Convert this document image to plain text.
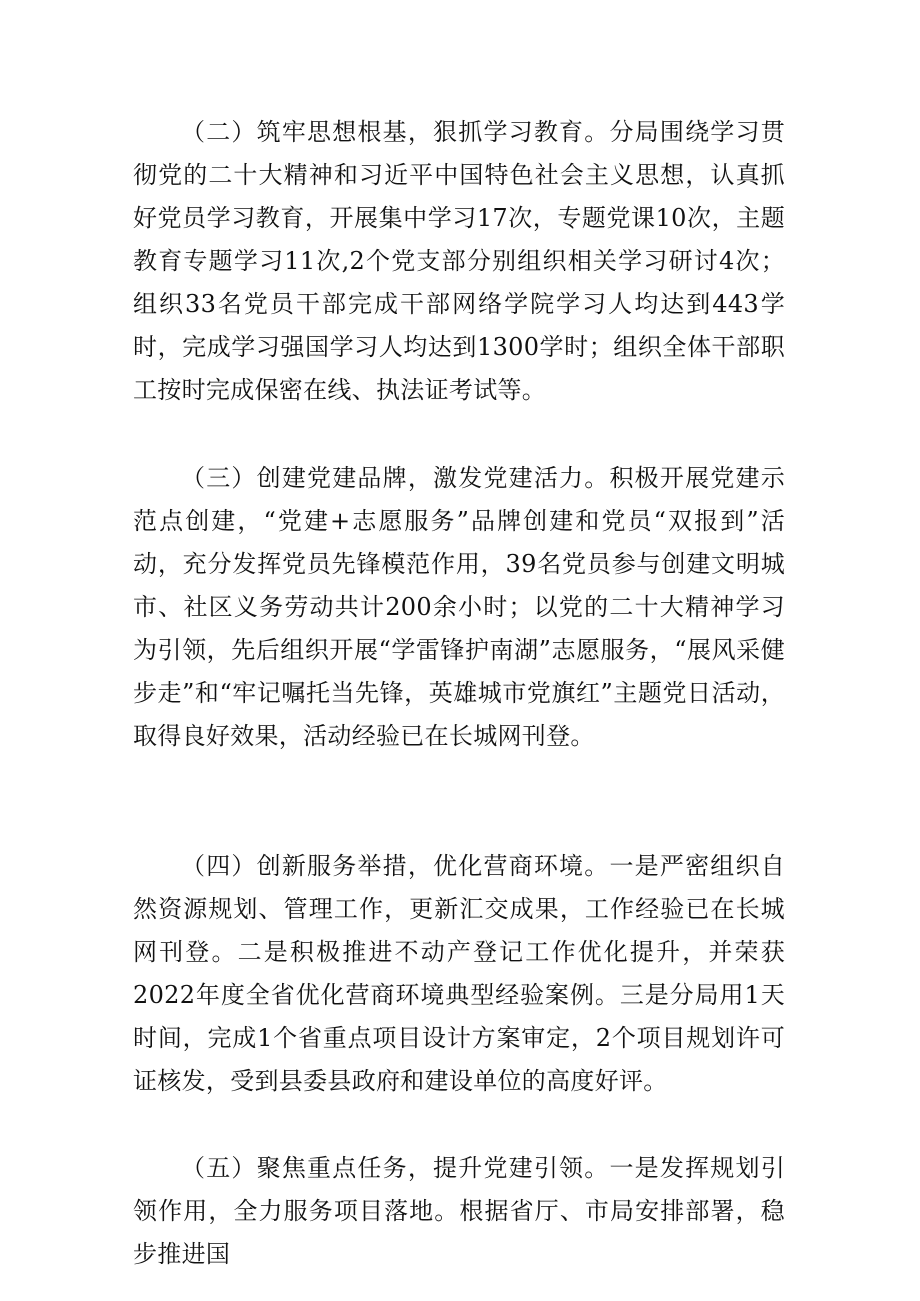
（二）筑牢思想根基，狠抓学习教育。分局围绕学习贯彻党的二十大精神和习近平中国特色社会主义思想，认真抓好党员学习教育，开展集中学习17次，专题党课10次，主题教育专题学习11次,2个党支部分别组织相关学习研讨4次；组织33名党员干部完成干部网络学院学习人均达到443学时，完成学习强国学习人均达到1300学时；组织全体干部职工按时完成保密在线、执法证考试等。

（三）创建党建品牌，激发党建活力。积极开展党建示范点创建，“党建+志愿服务”品牌创建和党员“双报到”活动，充分发挥党员先锋模范作用，39名党员参与创建文明城市、社区义务劳动共计200余小时；以党的二十大精神学习为引领，先后组织开展“学雷锋护南湖”志愿服务，“展风采健步走”和“牢记嘱托当先锋，英雄城市党旗红”主题党日活动，取得良好效果，活动经验已在长城网刊登。

（四）创新服务举措，优化营商环境。一是严密组织自然资源规划、管理工作，更新汇交成果，工作经验已在长城网刊登。二是积极推进不动产登记工作优化提升，并荣获2022年度全省优化营商环境典型经验案例。三是分局用1天时间，完成1个省重点项目设计方案审定，2个项目规划许可证核发，受到县委县政府和建设单位的高度好评。

（五）聚焦重点任务，提升党建引领。一是发挥规划引领作用，全力服务项目落地。根据省厅、市局安排部署，稳步推进国
